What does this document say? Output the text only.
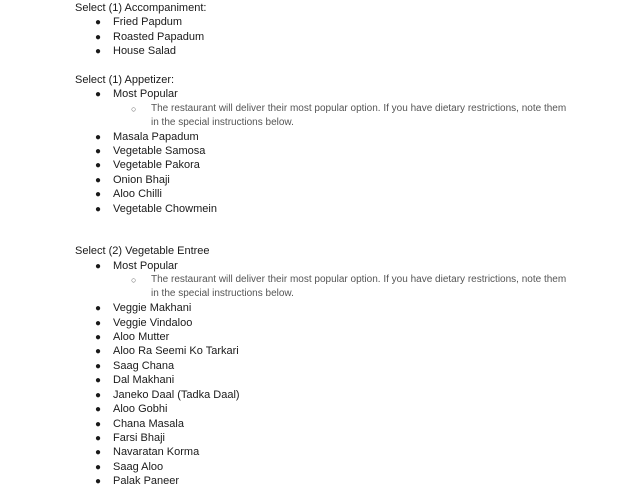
Select (1) Accompaniment:
● Fried Papdum
● Roasted Papadum
● House Salad
Select (1) Appetizer:
● Most Popular
○ The restaurant will deliver their most popular option. If you have dietary restrictions, note them in the special instructions below.
● Masala Papadum
● Vegetable Samosa
● Vegetable Pakora
● Onion Bhaji
● Aloo Chilli
● Vegetable Chowmein
Select (2) Vegetable Entree
● Most Popular
○ The restaurant will deliver their most popular option. If you have dietary restrictions, note them in the special instructions below.
● Veggie Makhani
● Veggie Vindaloo
● Aloo Mutter
● Aloo Ra Seemi Ko Tarkari
● Saag Chana
● Dal Makhani
● Janeko Daal (Tadka Daal)
● Aloo Gobhi
● Chana Masala
● Farsi Bhaji
● Navaratan Korma
● Saag Aloo
● Palak Paneer
